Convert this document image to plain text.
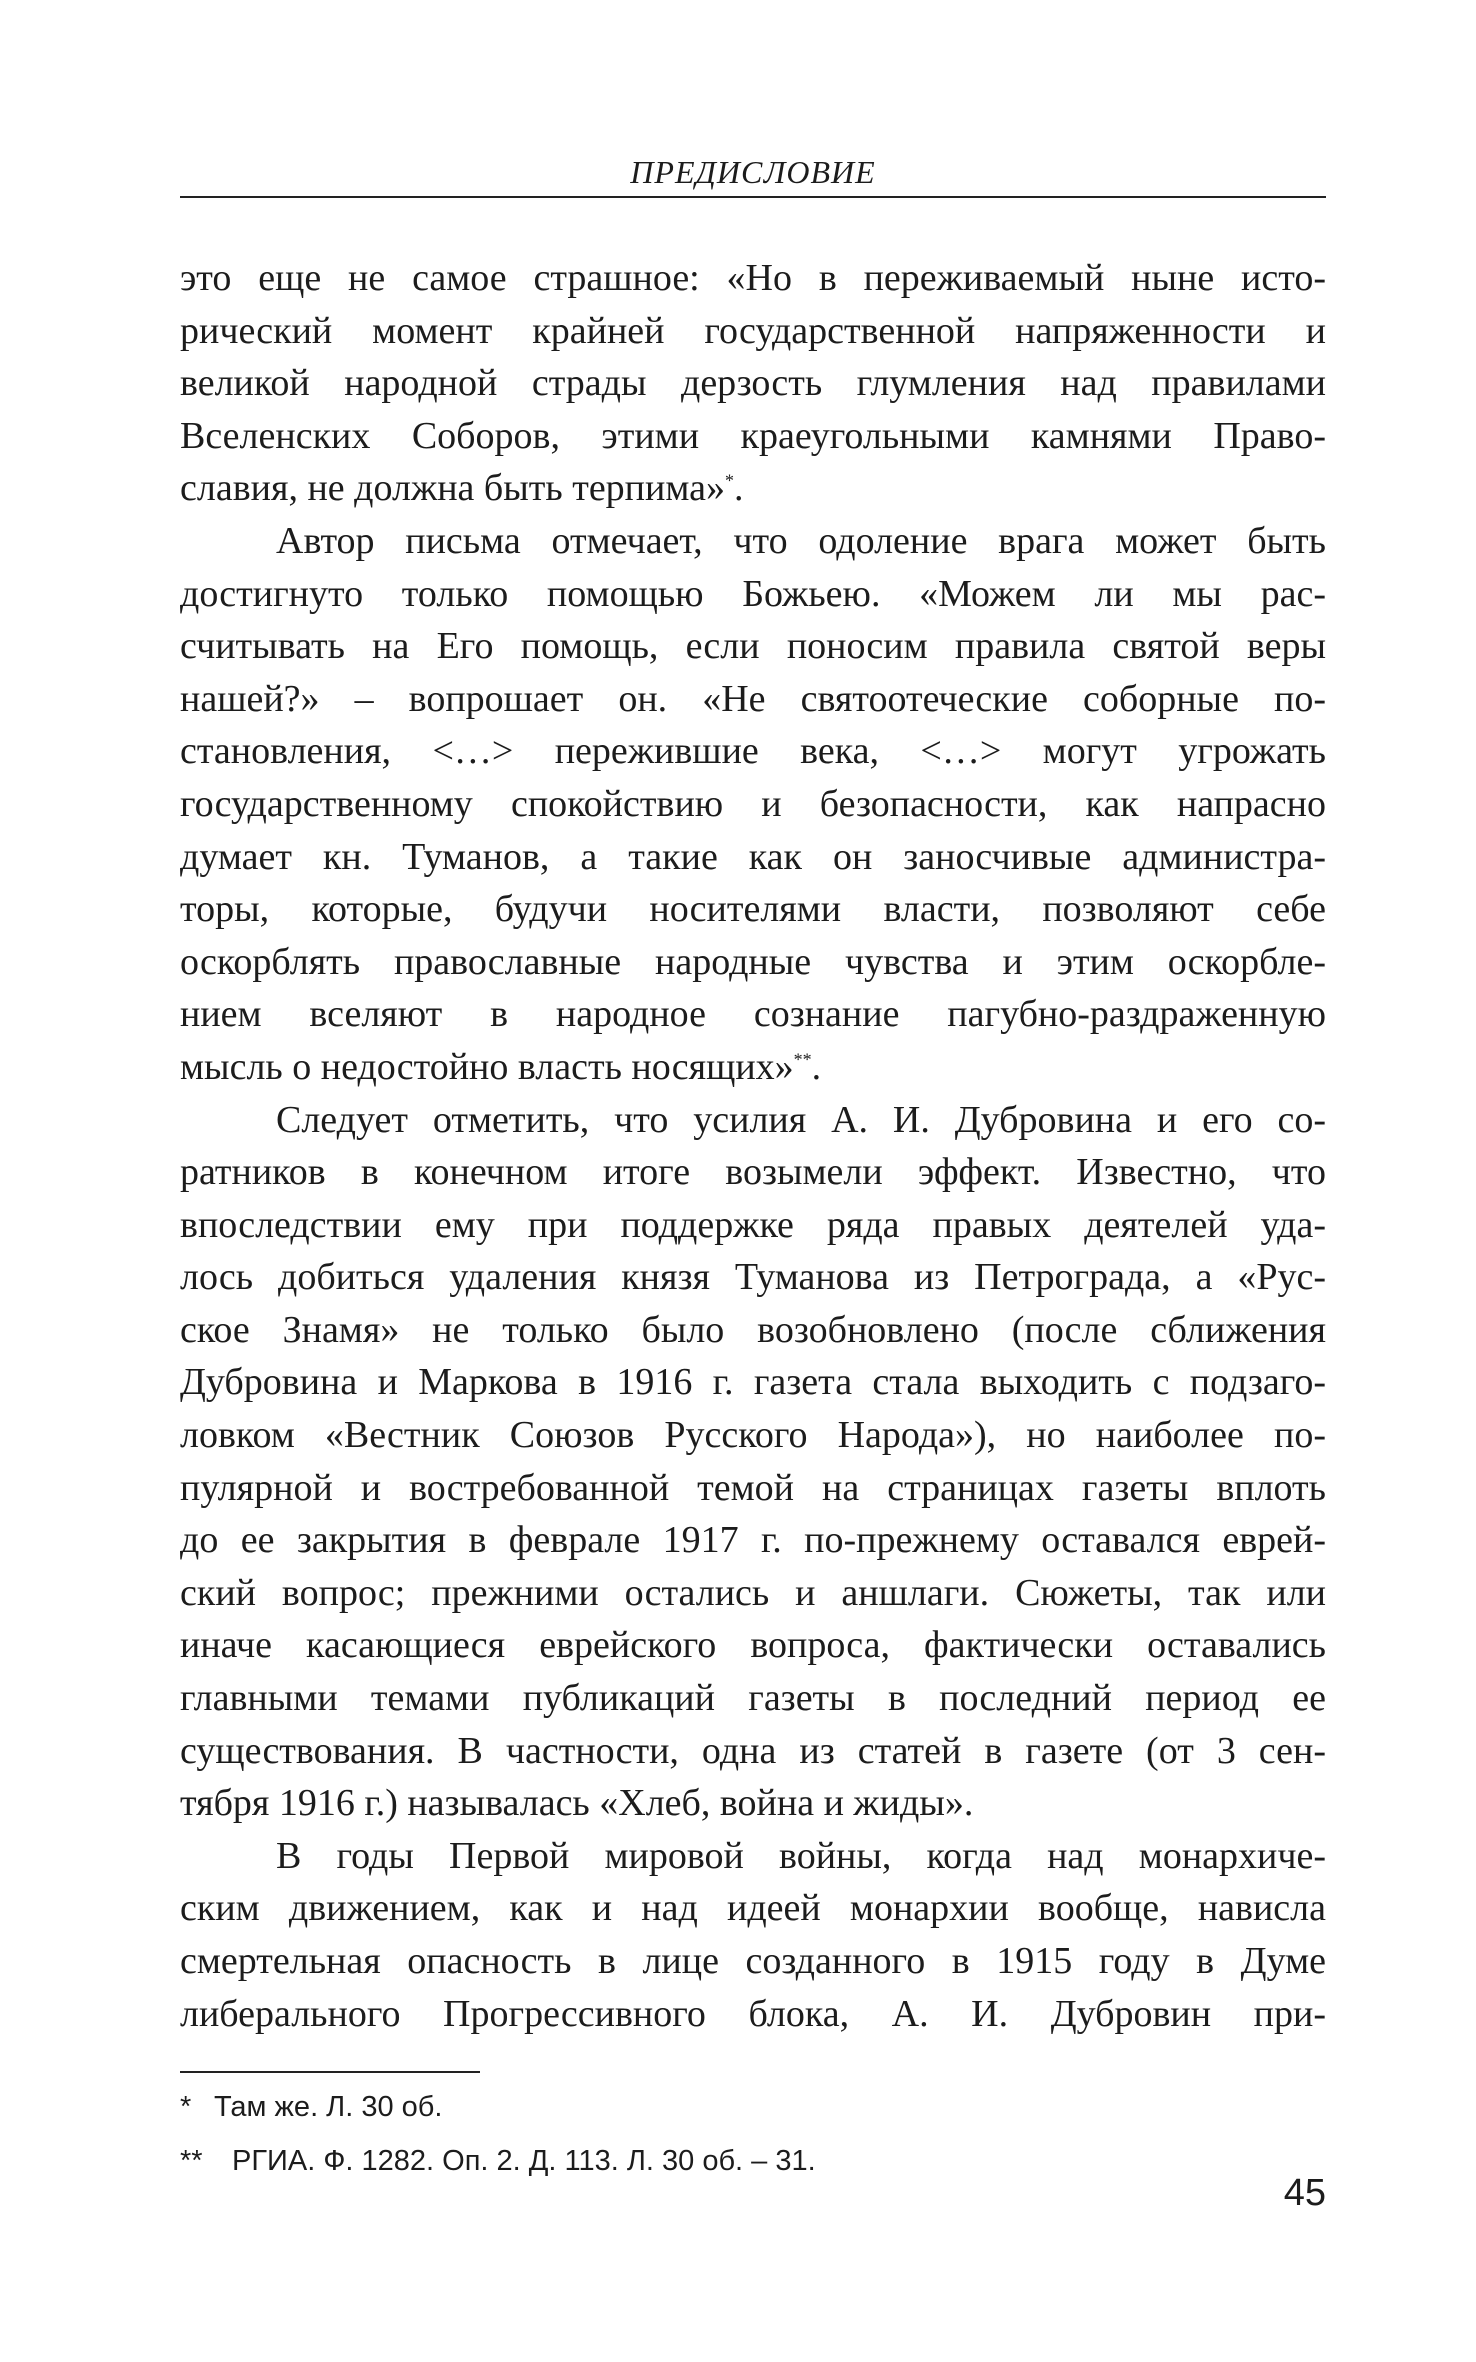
ПРЕДИСЛОВИЕ
это еще не самое страшное: «Но в переживаемый ныне исто-
рический момент крайней государственной напряженности и
великой народной страды дерзость глумления над правилами
Вселенских Соборов, этими краеугольными камнями Право-
славия, не должна быть терпима»*.
Автор письма отмечает, что одоление врага может быть
достигнуто только помощью Божьею. «Можем ли мы рас-
считывать на Его помощь, если поносим правила святой веры
нашей?» – вопрошает он. «Не святоотеческие соборные по-
становления, <…> пережившие века, <…> могут угрожать
государственному спокойствию и безопасности, как напрасно
думает кн. Туманов, а такие как он заносчивые администра-
торы, которые, будучи носителями власти, позволяют себе
оскорблять православные народные чувства и этим оскорбле-
нием вселяют в народное сознание пагубно-раздраженную
мысль о недостойно власть носящих»**.
Следует отметить, что усилия А. И. Дубровина и его со-
ратников в конечном итоге возымели эффект. Известно, что
впоследствии ему при поддержке ряда правых деятелей уда-
лось добиться удаления князя Туманова из Петрограда, а «Рус-
ское Знамя» не только было возобновлено (после сближения
Дубровина и Маркова в 1916 г. газета стала выходить с подзаго-
ловком «Вестник Союзов Русского Народа»), но наиболее по-
пулярной и востребованной темой на страницах газеты вплоть
до ее закрытия в феврале 1917 г. по-прежнему оставался еврей-
ский вопрос; прежними остались и аншлаги. Сюжеты, так или
иначе касающиеся еврейского вопроса, фактически оставались
главными темами публикаций газеты в последний период ее
существования. В частности, одна из статей в газете (от 3 сен-
тября 1916 г.) называлась «Хлеб, война и жиды».
В годы Первой мировой войны, когда над монархиче-
ским движением, как и над идеей монархии вообще, нависла
смертельная опасность в лице созданного в 1915 году в Думе
либерального Прогрессивного блока, А. И. Дубровин при-
* Там же. Л. 30 об.
** РГИА. Ф. 1282. Оп. 2. Д. 113. Л. 30 об. – 31.
45
